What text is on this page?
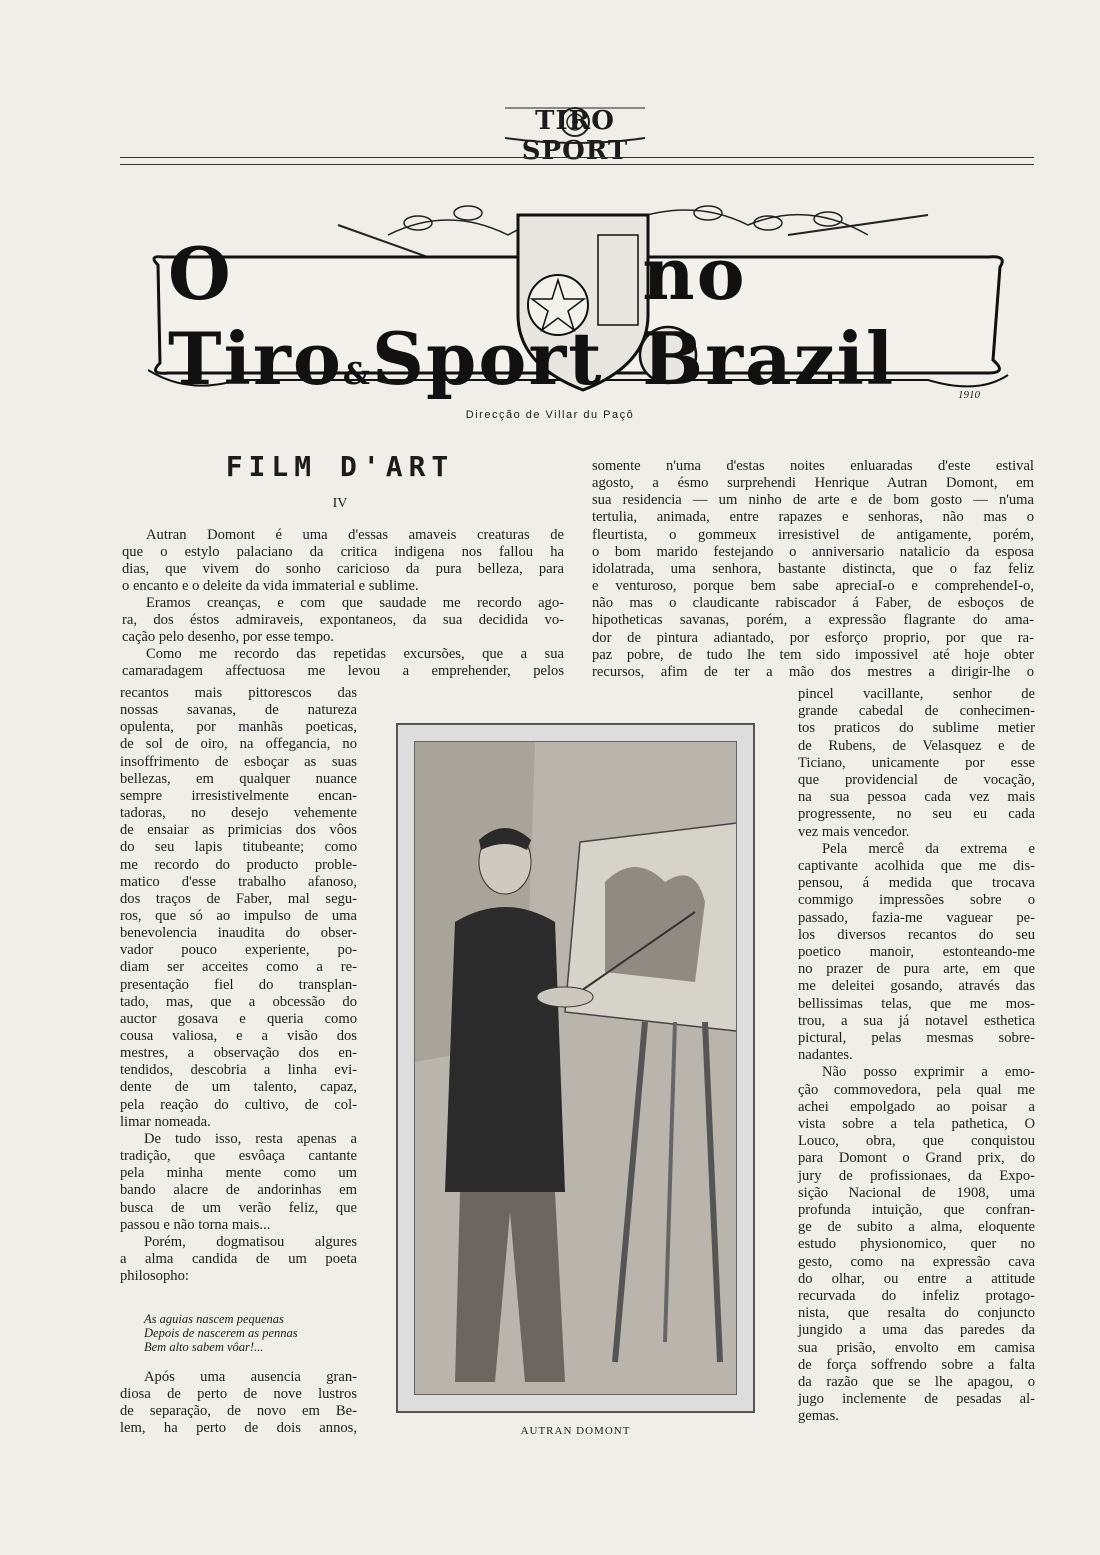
TIRO SPORT
O Tiro&Sport
no Brazil	1910
Direcção de Villar du Paçô
FILM D'ART
IV
Autran Domont é uma d'essas amaveis creaturas de
que o estylo palaciano da critica indigena nos fallou ha
dias, que vivem do sonho caricioso da pura belleza, para
o encanto e o deleite da vida immaterial e sublime.
Eramos creanças, e com que saudade me recordo ago-
ra, dos éstos admiraveis, expontaneos, da sua decidida vo-
cação pelo desenho, por esse tempo.
Como me recordo das repetidas excursões, que a sua
camaradagem affectuosa me levou a emprehender, pelos
recantos mais pittorescos das
nossas savanas, de natureza
opulenta, por manhãs poeticas,
de sol de oiro, na offegancia, no
insoffrimento de esboçar as suas
bellezas, em qualquer nuance
sempre irresistivelmente encan-
tadoras, no desejo vehemente
de ensaiar as primicias dos vôos
do seu lapis titubeante; como
me recordo do producto proble-
matico d'esse trabalho afanoso,
dos traços de Faber, mal segu-
ros, que só ao impulso de uma
benevolencia inaudita do obser-
vador pouco experiente, po-
diam ser acceites como a re-
presentação fiel do transplan-
tado, mas, que a obcessão do
auctor gosava e queria como
cousa valiosa, e a visão dos
mestres, a observação dos en-
tendidos, descobria a linha evi-
dente de um talento, capaz,
pela reação do cultivo, de col-
limar nomeada.
De tudo isso, resta apenas a
tradição, que esvôaça cantante
pela minha mente como um
bando alacre de andorinhas em
busca de um verão feliz, que
passou e não torna mais...
Porém, dogmatisou algures
a alma candida de um poeta
philosopho:
As aguias nascem pequenas
Depois de nascerem as pennas
Bem alto sabem vôar!...
Após uma ausencia gran-
diosa de perto de nove lustros
de separação, de novo em Be-
lem, ha perto de dois annos,
somente n'uma d'estas noites enluaradas d'este estival
agosto, a ésmo surprehendi Henrique Autran Domont, em
sua residencia — um ninho de arte e de bom gosto — n'uma
tertulia, animada, entre rapazes e senhoras, não mas o
fleurtista, o gommeux irresistivel de antigamente, porém,
o bom marido festejando o anniversario natalicio da esposa
idolatrada, uma senhora, bastante distincta, que o faz feliz
e venturoso, porque bem sabe apreciaI-o e comprehendeI-o,
não mas o claudicante rabiscador á Faber, de esboços de
hipotheticas savanas, porém, a expressão flagrante do ama-
dor de pintura adiantado, por esforço proprio, por que ra-
paz pobre, de tudo lhe tem sido impossivel até hoje obter
recursos, afim de ter a mão dos mestres a dirigir-lhe o
pincel vacillante, senhor de
grande cabedal de conhecimen-
tos praticos do sublime metier
de Rubens, de Velasquez e de
Ticiano, unicamente por esse
que providencial de vocação,
na sua pessoa cada vez mais
progressente, no seu eu cada
vez mais vencedor.
Pela mercê da extrema e
captivante acolhida que me dis-
pensou, á medida que trocava
commigo impressões sobre o
passado, fazia-me vaguear pe-
los diversos recantos do seu
poetico manoir, estonteando-me
no prazer de pura arte, em que
me deleitei gosando, através das
bellissimas telas, que me mos-
trou, a sua já notavel esthetica
pictural, pelas mesmas sobre-
nadantes.
Não posso exprimir a emo-
ção commovedora, pela qual me
achei empolgado ao poisar a
vista sobre a tela pathetica, O
Louco, obra, que conquistou
para Domont o Grand prix, do
jury de profissionaes, da Expo-
sição Nacional de 1908, uma
profunda intuição, que confran-
ge de subito a alma, eloquente
estudo physionomico, quer no
gesto, como na expressão cava
do olhar, ou entre a attitude
recurvada do infeliz protago-
nista, que resalta do conjuncto
jungido a uma das paredes da
sua prisão, envolto em camisa
de força soffrendo sobre a falta
da razão que se lhe apagou, o
jugo inclemente de pesadas al-
gemas.
AUTRAN DOMONT
